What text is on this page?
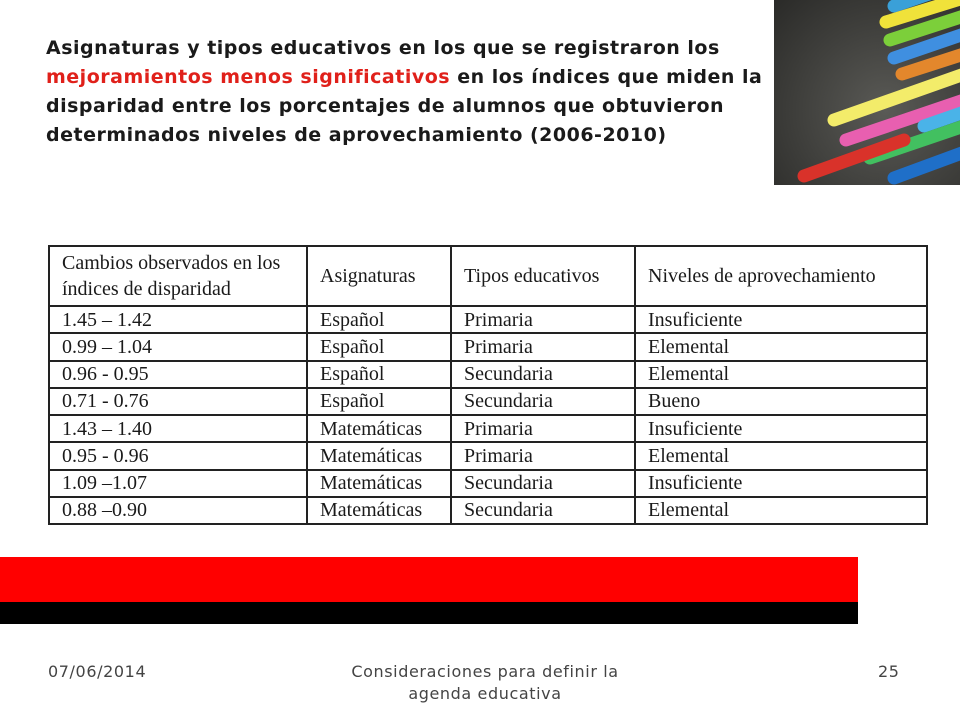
Asignaturas y tipos educativos en los que se registraron los mejoramientos menos significativos en los índices que miden la disparidad entre los porcentajes de alumnos que obtuvieron determinados niveles de aprovechamiento (2006-2010)
Cambios observados en los índices de disparidad	Asignaturas	Tipos educativos	Niveles de aprovechamiento
1.45 – 1.42	Español	Primaria	Insuficiente
0.99 – 1.04	Español	Primaria	Elemental
0.96 - 0.95	Español	Secundaria	Elemental
0.71 - 0.76	Español	Secundaria	Bueno
1.43 – 1.40	Matemáticas	Primaria	Insuficiente
0.95 - 0.96	Matemáticas	Primaria	Elemental
1.09 –1.07	Matemáticas	Secundaria	Insuficiente
0.88 –0.90	Matemáticas	Secundaria	Elemental
07/06/2014	Consideraciones para definir la agenda educativa
25
